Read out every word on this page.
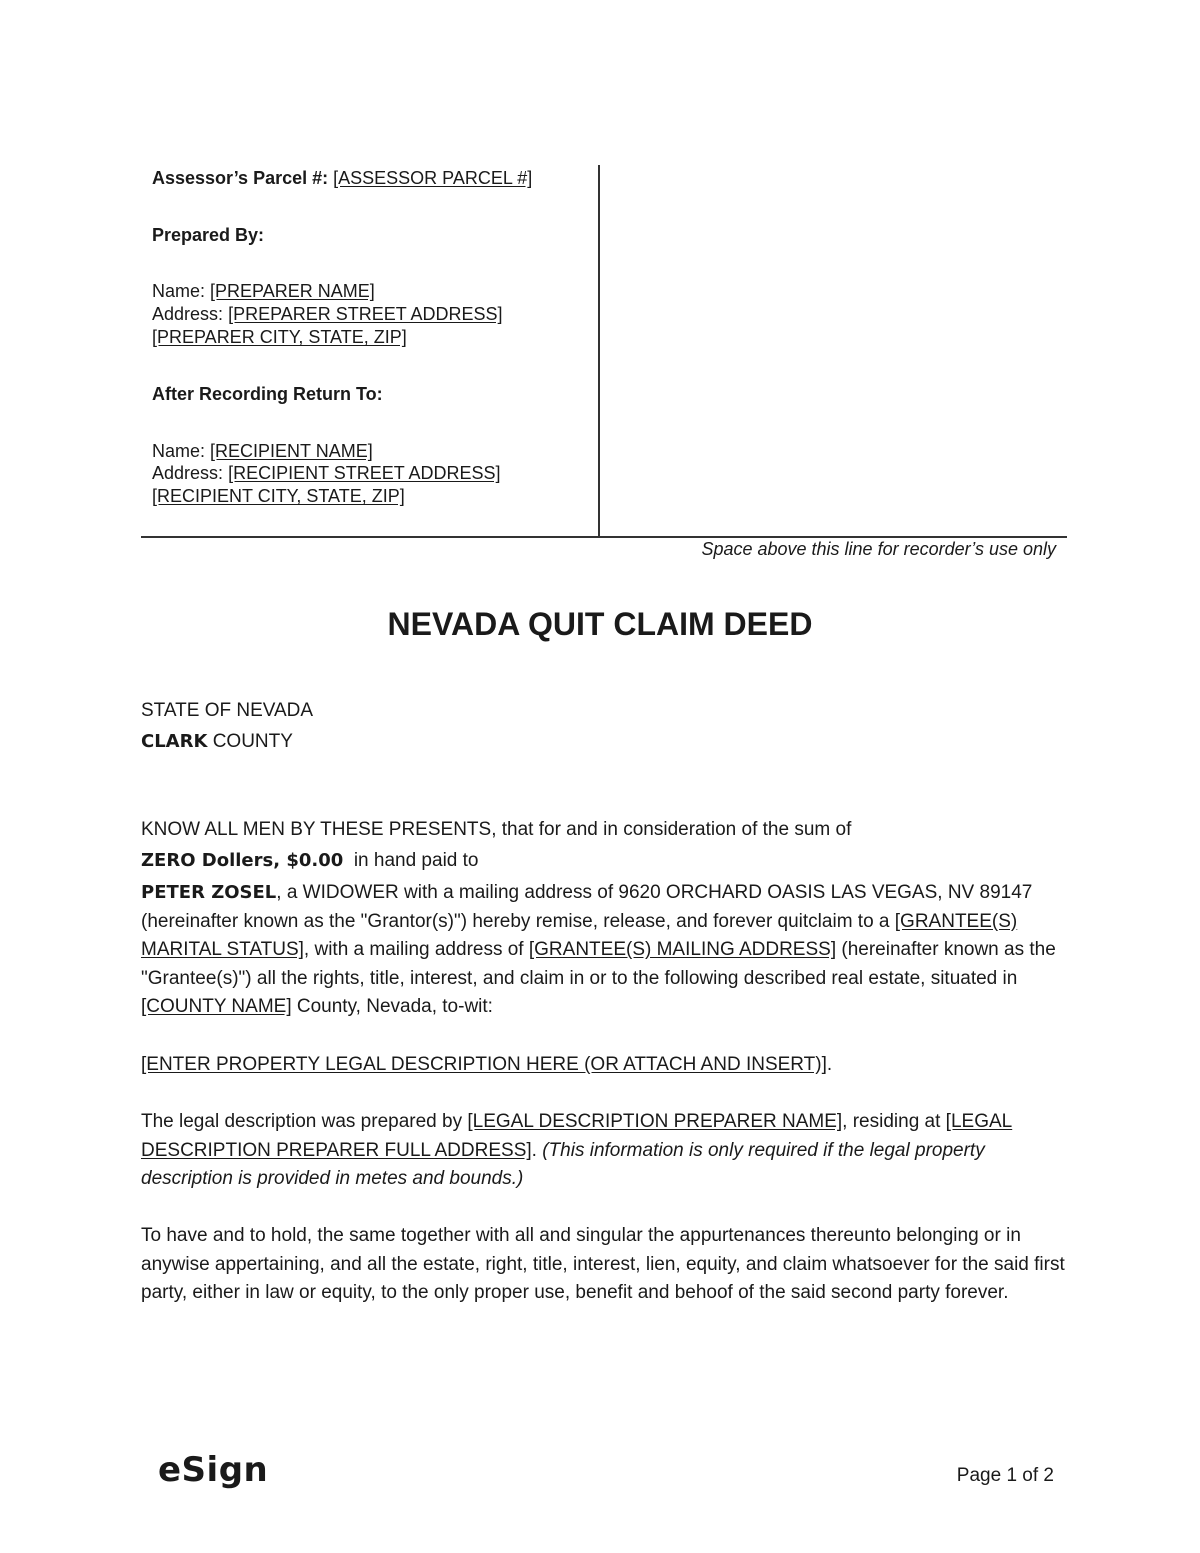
Assessor’s Parcel #: [ASSESSOR PARCEL #]
Prepared By:
Name: [PREPARER NAME]
Address: [PREPARER STREET ADDRESS]
[PREPARER CITY, STATE, ZIP]
After Recording Return To:
Name: [RECIPIENT NAME]
Address: [RECIPIENT STREET ADDRESS]
[RECIPIENT CITY, STATE, ZIP]
Space above this line for recorder’s use only
NEVADA QUIT CLAIM DEED
STATE OF NEVADA
CLARK COUNTY
KNOW ALL MEN BY THESE PRESENTS, that for and in consideration of the sum of
ZERO Dollers, $0.00  in hand paid to
PETER ZOSEL, a WIDOWER with a mailing address of 9620 ORCHARD OASIS LAS VEGAS, NV 89147 (hereinafter known as the "Grantor(s)") hereby remise, release, and forever quitclaim to a [GRANTEE(S) MARITAL STATUS], with a mailing address of [GRANTEE(S) MAILING ADDRESS] (hereinafter known as the "Grantee(s)") all the rights, title, interest, and claim in or to the following described real estate, situated in [COUNTY NAME] County, Nevada, to-wit:
[ENTER PROPERTY LEGAL DESCRIPTION HERE (OR ATTACH AND INSERT)].
The legal description was prepared by [LEGAL DESCRIPTION PREPARER NAME], residing at [LEGAL DESCRIPTION PREPARER FULL ADDRESS]. (This information is only required if the legal property description is provided in metes and bounds.)
To have and to hold, the same together with all and singular the appurtenances thereunto belonging or in anywise appertaining, and all the estate, right, title, interest, lien, equity, and claim whatsoever for the said first party, either in law or equity, to the only proper use, benefit and behoof of the said second party forever.
eSign	Page 1 of 2
